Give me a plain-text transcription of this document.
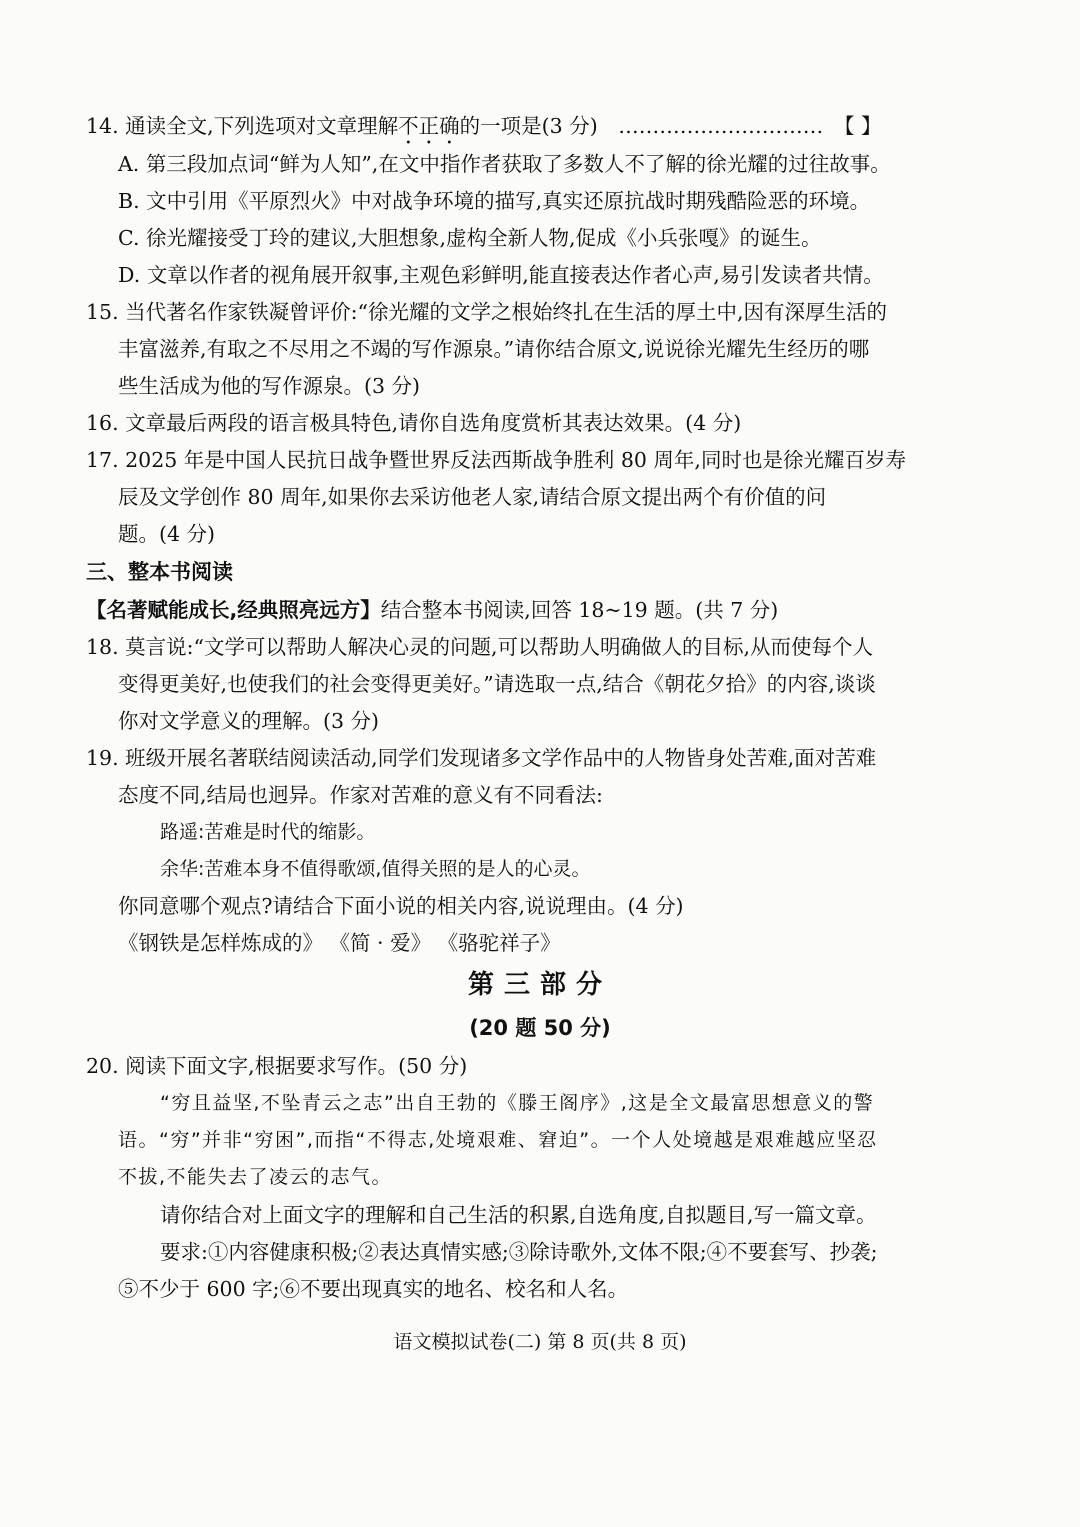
14. 通读全文,下列选项对文章理解不正确的一项是(3 分) ………………………… 【 】
A. 第三段加点词“鲜为人知”,在文中指作者获取了多数人不了解的徐光耀的过往故事。
B. 文中引用《平原烈火》中对战争环境的描写,真实还原抗战时期残酷险恶的环境。
C. 徐光耀接受丁玲的建议,大胆想象,虚构全新人物,促成《小兵张嘎》的诞生。
D. 文章以作者的视角展开叙事,主观色彩鲜明,能直接表达作者心声,易引发读者共情。
15. 当代著名作家铁凝曾评价:“徐光耀的文学之根始终扎在生活的厚土中,因有深厚生活的
丰富滋养,有取之不尽用之不竭的写作源泉。”请你结合原文,说说徐光耀先生经历的哪
些生活成为他的写作源泉。(3 分)
16. 文章最后两段的语言极具特色,请你自选角度赏析其表达效果。(4 分)
17. 2025 年是中国人民抗日战争暨世界反法西斯战争胜利 80 周年,同时也是徐光耀百岁寿
辰及文学创作 80 周年,如果你去采访他老人家,请结合原文提出两个有价值的问
题。(4 分)
三、整本书阅读
【名著赋能成长,经典照亮远方】结合整本书阅读,回答 18~19 题。(共 7 分)
18. 莫言说:“文学可以帮助人解决心灵的问题,可以帮助人明确做人的目标,从而使每个人
变得更美好,也使我们的社会变得更美好。”请选取一点,结合《朝花夕拾》的内容,谈谈
你对文学意义的理解。(3 分)
19. 班级开展名著联结阅读活动,同学们发现诸多文学作品中的人物皆身处苦难,面对苦难
态度不同,结局也迥异。作家对苦难的意义有不同看法:
路遥:苦难是时代的缩影。
余华:苦难本身不值得歌颂,值得关照的是人的心灵。
你同意哪个观点?请结合下面小说的相关内容,说说理由。(4 分)
《钢铁是怎样炼成的》 《简 · 爱》 《骆驼祥子》
第三部分
(20 题 50 分)
20. 阅读下面文字,根据要求写作。(50 分)
“穷且益坚,不坠青云之志”出自王勃的《滕王阁序》,这是全文最富思想意义的警
语。“穷”并非“穷困”,而指“不得志,处境艰难、窘迫”。一个人处境越是艰难越应坚忍
不拔,不能失去了凌云的志气。
请你结合对上面文字的理解和自己生活的积累,自选角度,自拟题目,写一篇文章。
要求:①内容健康积极;②表达真情实感;③除诗歌外,文体不限;④不要套写、抄袭;
⑤不少于 600 字;⑥不要出现真实的地名、校名和人名。
语文模拟试卷(二) 第 8 页(共 8 页)
